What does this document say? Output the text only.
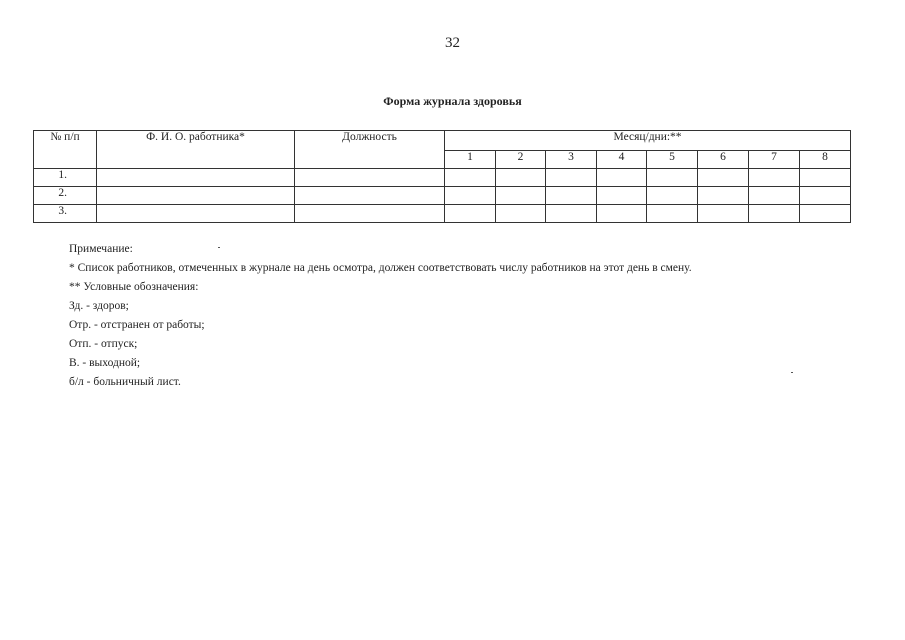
32
Форма журнала здоровья
№ п/п	Ф. И. О. работника*	Должность	Месяц/дни:**							
			1	2	3	4	5	6	7	8
1.										
2.										
3.										
Примечание:
* Список работников, отмеченных в журнале на день осмотра, должен соответствовать числу работников на этот день в смену.
** Условные обозначения:
Зд. - здоров;
Отр. - отстранен от работы;
Отп. - отпуск;
В. - выходной;
б/л - больничный лист.
